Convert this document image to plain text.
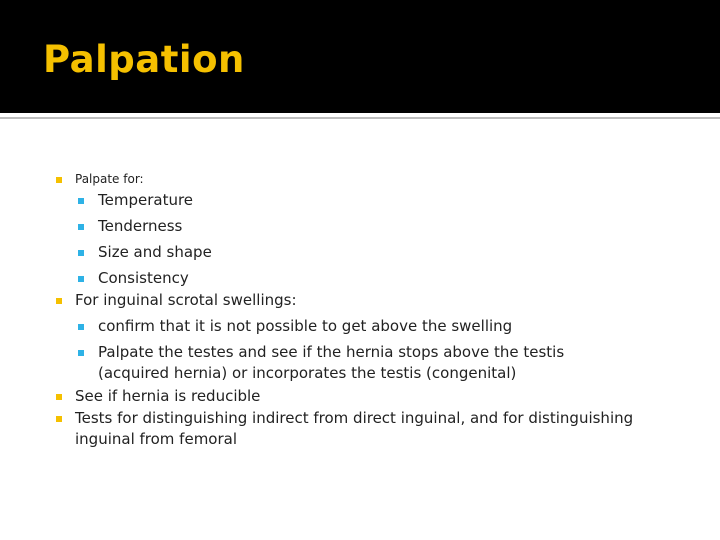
Palpation
Palpate for:
Temperature
Tenderness
Size and shape
Consistency
For inguinal scrotal swellings:
confirm that it is not possible to get above the swelling
Palpate the testes and see if the hernia stops above the testis (acquired hernia) or incorporates the testis (congenital)
See if hernia is reducible
Tests for distinguishing indirect from direct inguinal, and for distinguishing inguinal from femoral
